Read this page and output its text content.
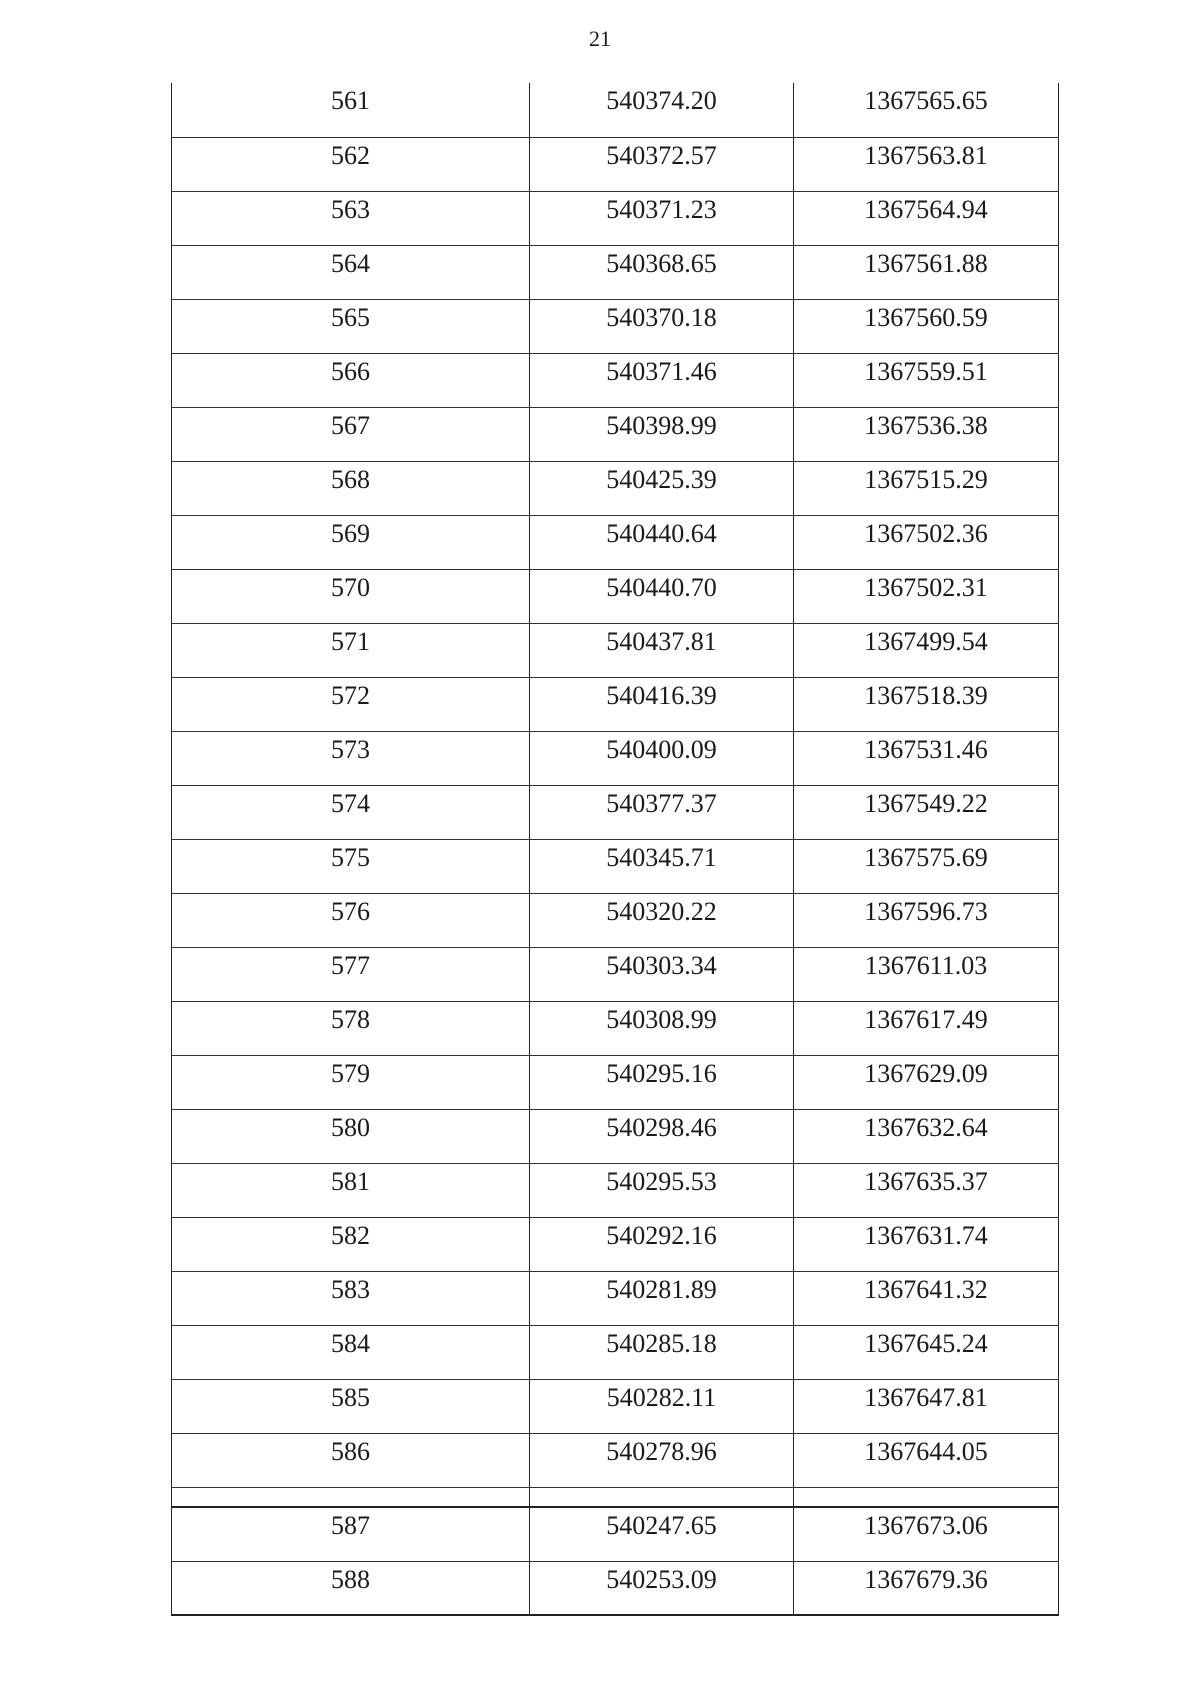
21
561	540374.20	1367565.65
562	540372.57	1367563.81
563	540371.23	1367564.94
564	540368.65	1367561.88
565	540370.18	1367560.59
566	540371.46	1367559.51
567	540398.99	1367536.38
568	540425.39	1367515.29
569	540440.64	1367502.36
570	540440.70	1367502.31
571	540437.81	1367499.54
572	540416.39	1367518.39
573	540400.09	1367531.46
574	540377.37	1367549.22
575	540345.71	1367575.69
576	540320.22	1367596.73
577	540303.34	1367611.03
578	540308.99	1367617.49
579	540295.16	1367629.09
580	540298.46	1367632.64
581	540295.53	1367635.37
582	540292.16	1367631.74
583	540281.89	1367641.32
584	540285.18	1367645.24
585	540282.11	1367647.81
586	540278.96	1367644.05

587	540247.65	1367673.06
588	540253.09	1367679.36
